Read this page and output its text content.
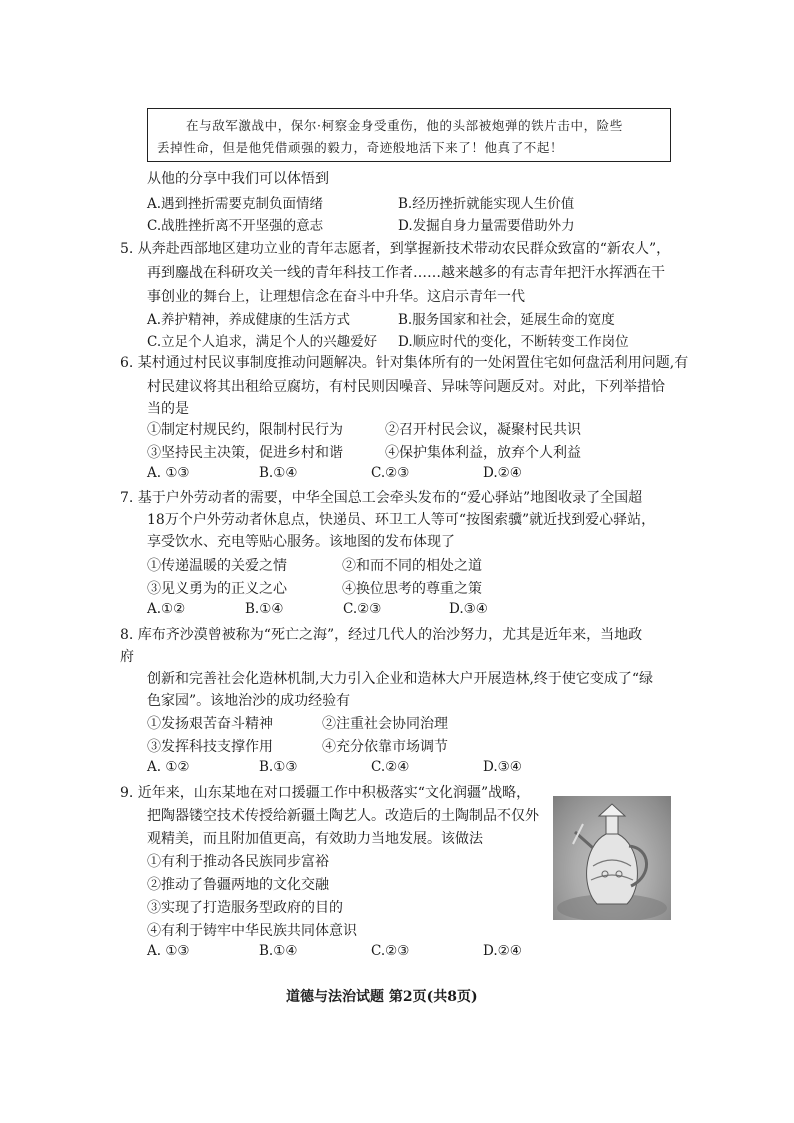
在与敌军激战中，保尔·柯察金身受重伤，他的头部被炮弹的铁片击中，险些
丢掉性命，但是他凭借顽强的毅力，奇迹般地活下来了！他真了不起！
从他的分享中我们可以体悟到
A.遇到挫折需要克制负面情绪	B.经历挫折就能实现人生价值
C.战胜挫折离不开坚强的意志	D.发掘自身力量需要借助外力
5. 从奔赴西部地区建功立业的青年志愿者，到掌握新技术带动农民群众致富的“新农人”，
再到鏖战在科研攻关一线的青年科技工作者……越来越多的有志青年把汗水挥洒在干
事创业的舞台上，让理想信念在奋斗中升华。这启示青年一代
A.养护精神，养成健康的生活方式	B.服务国家和社会，延展生命的宽度
C.立足个人追求，满足个人的兴趣爱好 D.顺应时代的变化，不断转变工作岗位
6. 某村通过村民议事制度推动问题解决。针对集体所有的一处闲置住宅如何盘活利用问题,有
村民建议将其出租给豆腐坊，有村民则因噪音、异味等问题反对。对此，下列举措恰
当的是
①制定村规民约，限制村民行为	②召开村民会议，凝聚村民共识
③坚持民主决策，促进乡村和谐	④保护集体利益，放弃个人利益
A. ①③	B.①④	C.②③	D.②④
7. 基于户外劳动者的需要，中华全国总工会牵头发布的“爱心驿站”地图收录了全国超
18万个户外劳动者休息点，快递员、环卫工人等可“按图索骥”就近找到爱心驿站，
享受饮水、充电等贴心服务。该地图的发布体现了
①传递温暖的关爱之情	②和而不同的相处之道
③见义勇为的正义之心	④换位思考的尊重之策
A.①②	B.①④	C.②③	D.③④
8. 库布齐沙漠曾被称为“死亡之海”，经过几代人的治沙努力，尤其是近年来，当地政
府
创新和完善社会化造林机制,大力引入企业和造林大户开展造林,终于使它变成了“绿
色家园”。该地治沙的成功经验有
①发扬艰苦奋斗精神	②注重社会协同治理
③发挥科技支撑作用	④充分依靠市场调节
A. ①②	B.①③	C.②④	D.③④
9. 近年来，山东某地在对口援疆工作中积极落实“文化润疆”战略，
把陶器镂空技术传授给新疆土陶艺人。改造后的土陶制品不仅外
观精美，而且附加值更高，有效助力当地发展。该做法
①有利于推动各民族同步富裕
②推动了鲁疆两地的文化交融
③实现了打造服务型政府的目的
④有利于铸牢中华民族共同体意识
A. ①③	B.①④	C.②③	D.②④
道德与法治试题 第2页(共8页)
